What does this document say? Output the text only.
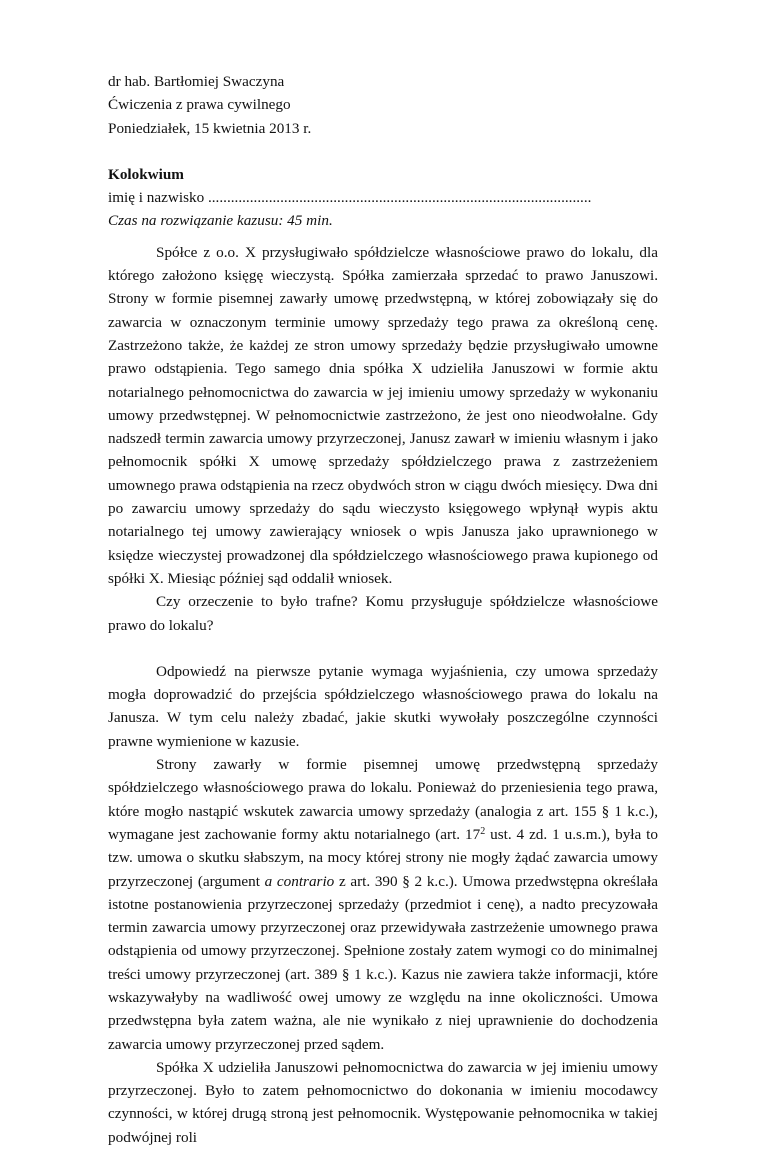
dr hab. Bartłomiej Swaczyna
Ćwiczenia z prawa cywilnego
Poniedziałek, 15 kwietnia 2013 r.
Kolokwium
imię i nazwisko .....................................................................................................
Czas na rozwiązanie kazusu: 45 min.

Spółce z o.o. X przysługiwało spółdzielcze własnościowe prawo do lokalu, dla którego założono księgę wieczystą. Spółka zamierzała sprzedać to prawo Januszowi. Strony w formie pisemnej zawarły umowę przedwstępną, w której zobowiązały się do zawarcia w oznaczonym terminie umowy sprzedaży tego prawa za określoną cenę. Zastrzeżono także, że każdej ze stron umowy sprzedaży będzie przysługiwało umowne prawo odstąpienia. Tego samego dnia spółka X udzieliła Januszowi w formie aktu notarialnego pełnomocnictwa do zawarcia w jej imieniu umowy sprzedaży w wykonaniu umowy przedwstępnej. W pełnomocnictwie zastrzeżono, że jest ono nieodwołalne. Gdy nadszedł termin zawarcia umowy przyrzeczonej, Janusz zawarł w imieniu własnym i jako pełnomocnik spółki X umowę sprzedaży spółdzielczego prawa z zastrzeżeniem umownego prawa odstąpienia na rzecz obydwóch stron w ciągu dwóch miesięcy. Dwa dni po zawarciu umowy sprzedaży do sądu wieczysto księgowego wpłynął wypis aktu notarialnego tej umowy zawierający wniosek o wpis Janusza jako uprawnionego w księdze wieczystej prowadzonej dla spółdzielczego własnościowego prawa kupionego od spółki X. Miesiąc później sąd oddalił wniosek.

Czy orzeczenie to było trafne? Komu przysługuje spółdzielcze własnościowe prawo do lokalu?

Odpowiedź na pierwsze pytanie wymaga wyjaśnienia, czy umowa sprzedaży mogła doprowadzić do przejścia spółdzielczego własnościowego prawa do lokalu na Janusza. W tym celu należy zbadać, jakie skutki wywołały poszczególne czynności prawne wymienione w kazusie.

Strony zawarły w formie pisemnej umowę przedwstępną sprzedaży spółdzielczego własnościowego prawa do lokalu. Ponieważ do przeniesienia tego prawa, które mogło nastąpić wskutek zawarcia umowy sprzedaży (analogia z art. 155 § 1 k.c.), wymagane jest zachowanie formy aktu notarialnego (art. $17^2$ ust. 4 zd. 1 u.s.m.), była to tzw. umowa o skutku słabszym, na mocy której strony nie mogły żądać zawarcia umowy przyrzeczonej (argument a contrario z art. 390 § 2 k.c.). Umowa przedwstępna określała istotne postanowienia przyrzeczonej sprzedaży (przedmiot i cenę), a nadto precyzowała termin zawarcia umowy przyrzeczonej oraz przewidywała zastrzeżenie umownego prawa odstąpienia od umowy przyrzeczonej. Spełnione zostały zatem wymogi co do minimalnej treści umowy przyrzeczonej (art. 389 § 1 k.c.). Kazus nie zawiera także informacji, które wskazywałyby na wadliwość owej umowy ze względu na inne okoliczności. Umowa przedwstępna była zatem ważna, ale nie wynikało z niej uprawnienie do dochodzenia zawarcia umowy przyrzeczonej przed sądem.

Spółka X udzieliła Januszowi pełnomocnictwa do zawarcia w jej imieniu umowy przyrzeczonej. Było to zatem pełnomocnictwo do dokonania w imieniu mocodawcy czynności, w której drugą stroną jest pełnomocnik. Występowanie pełnomocnika w takiej podwójnej roli
